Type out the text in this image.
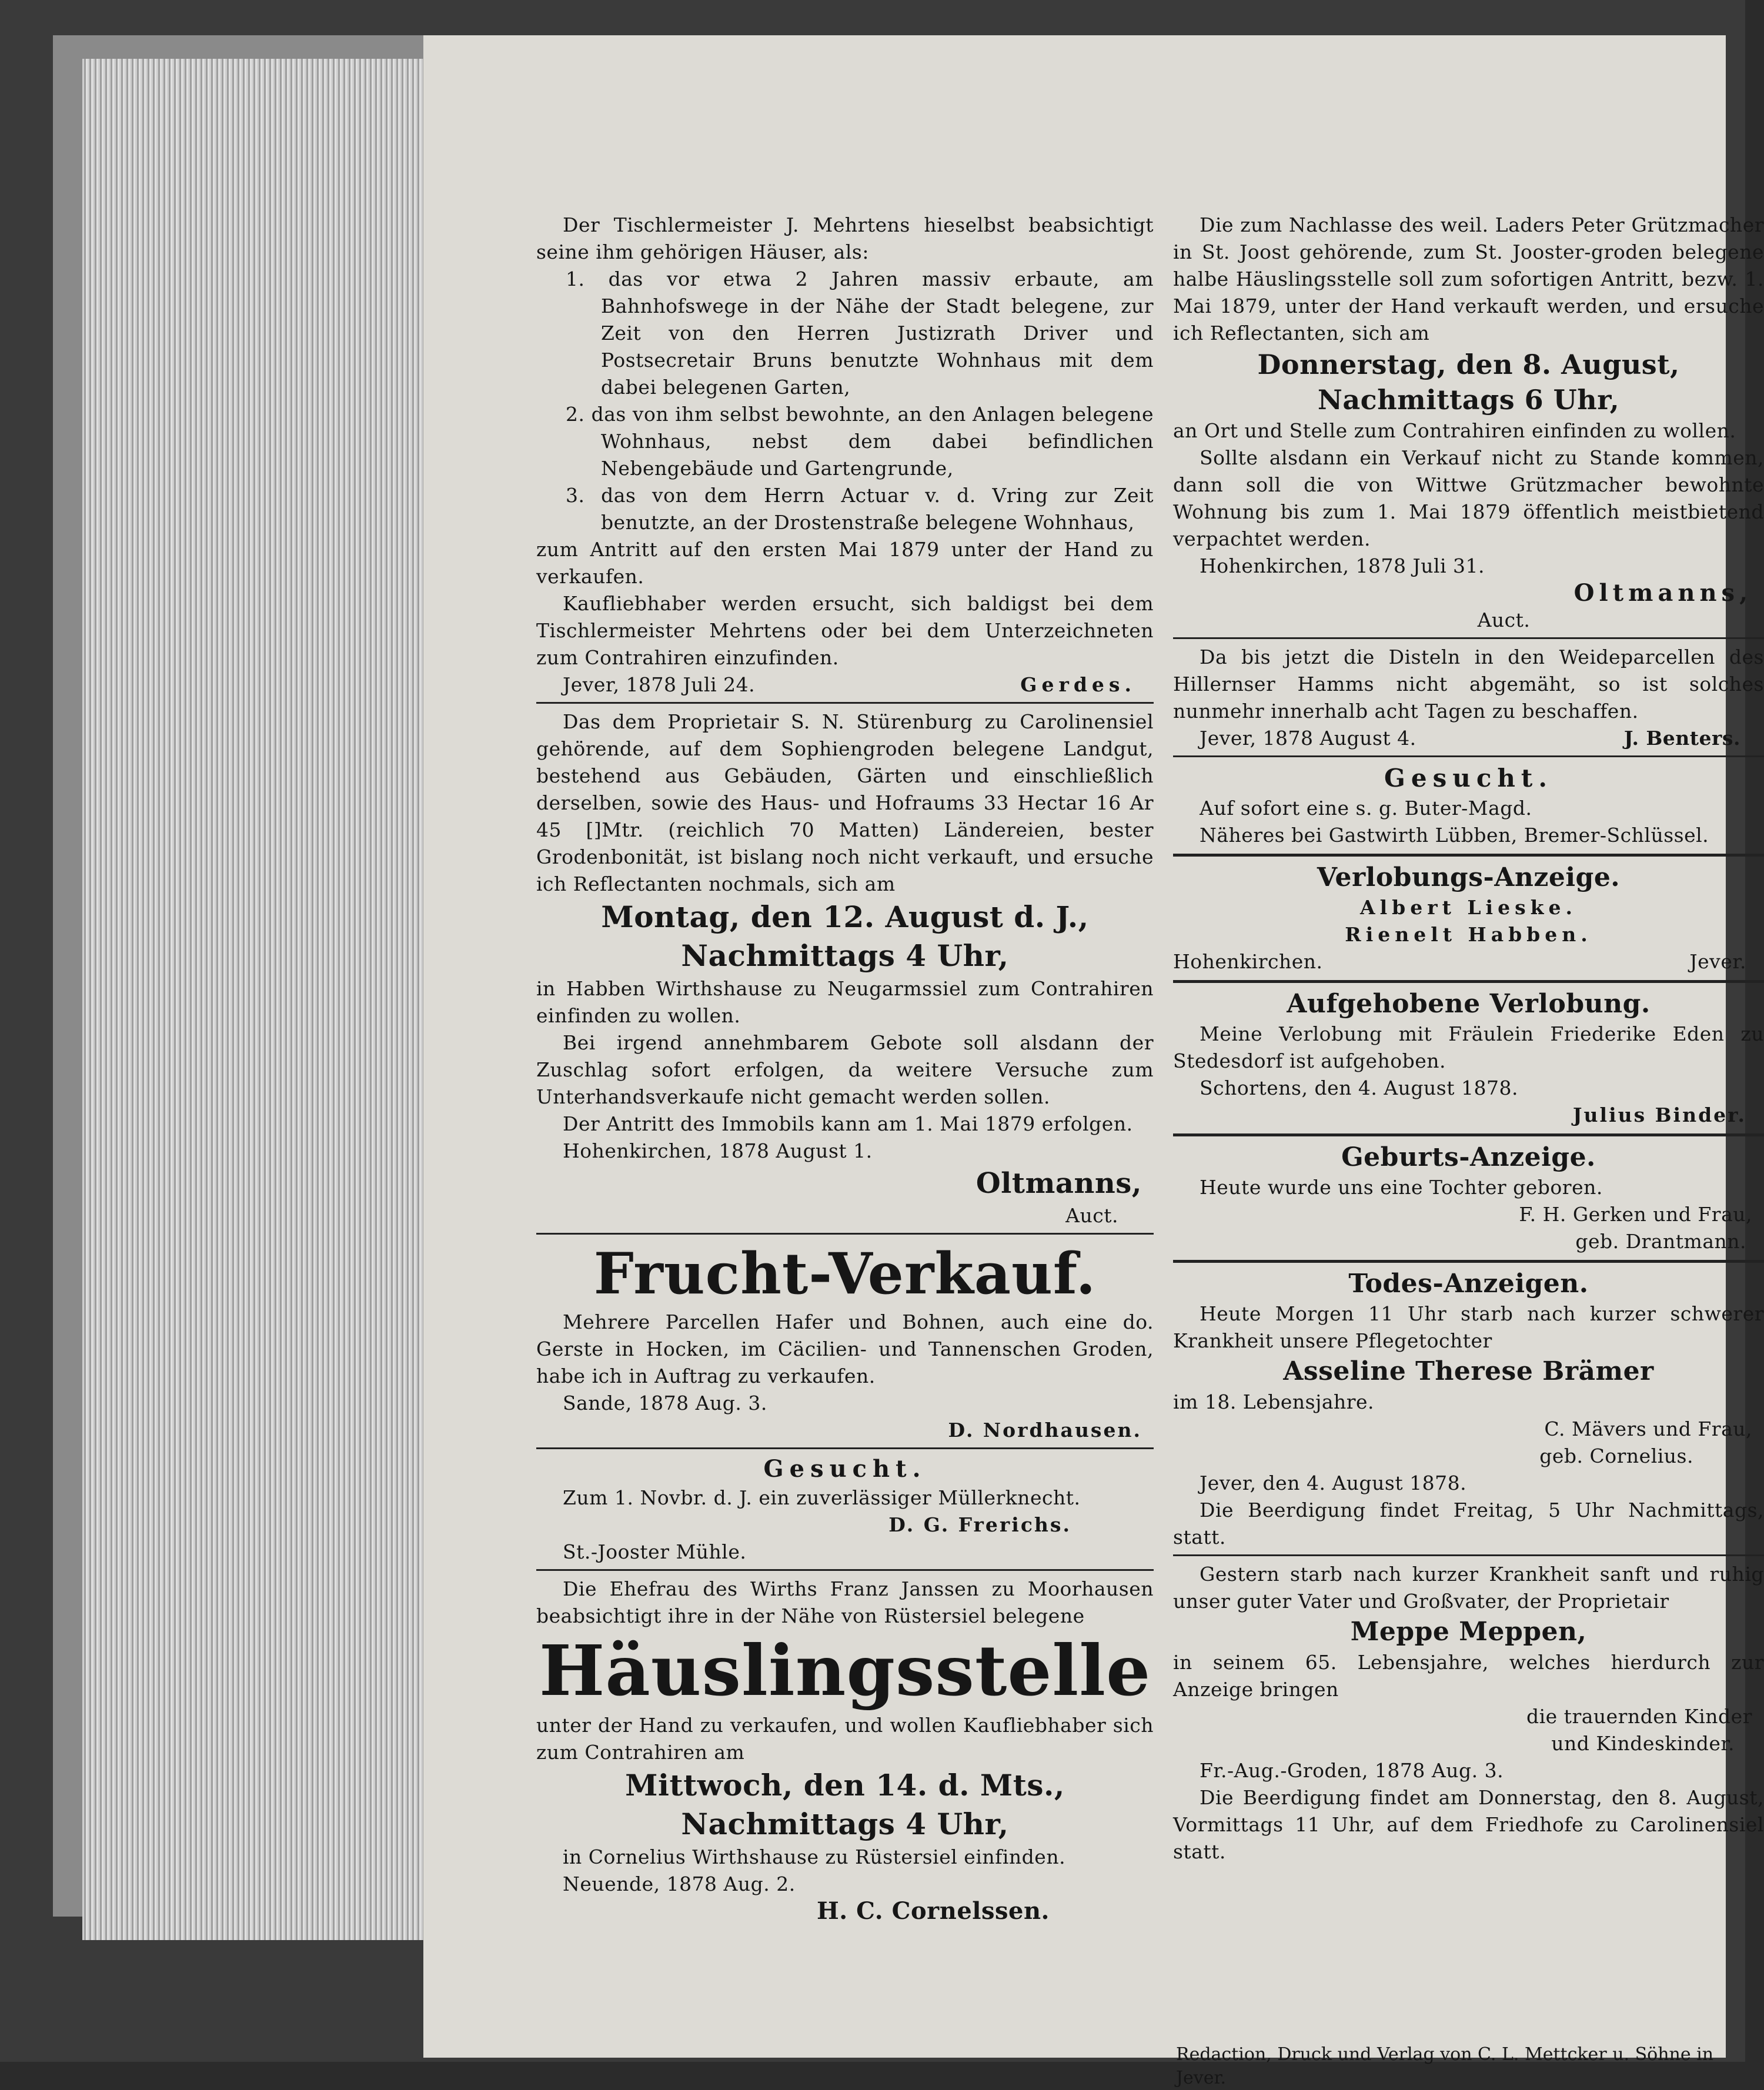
Der Tischlermeister J. Mehrtens hieselbst beabsichtigt seine ihm gehörigen Häuser, als:

1. das vor etwa 2 Jahren massiv erbaute, am Bahnhofswege in der Nähe der Stadt belegene, zur Zeit von den Herren Justizrath Driver und Postsecretair Bruns benutzte Wohnhaus mit dem dabei belegenen Garten,

2. das von ihm selbst bewohnte, an den Anlagen belegene Wohnhaus, nebst dem dabei befindlichen Nebengebäude und Gartengrunde,

3. das von dem Herrn Actuar v. d. Vring zur Zeit benutzte, an der Drostenstraße belegene Wohnhaus,

zum Antritt auf den ersten Mai 1879 unter der Hand zu verkaufen.

Kaufliebhaber werden ersucht, sich baldigst bei dem Tischlermeister Mehrtens oder bei dem Unterzeichneten zum Contrahiren einzufinden.

Jever, 1878 Juli 24.	Gerdes.

Das dem Proprietair S. N. Stürenburg zu Carolinensiel gehörende, auf dem Sophiengroden belegene Landgut, bestehend aus Gebäuden, Gärten und einschließlich derselben, sowie des Haus- und Hofraums 33 Hectar 16 Ar 45 []Mtr. (reichlich 70 Matten) Ländereien, bester Grodenbonität, ist bislang noch nicht verkauft, und ersuche ich Reflectanten nochmals, sich am

Montag, den 12. August d. J.,
Nachmittags 4 Uhr,

in Habben Wirthshause zu Neugarmssiel zum Contrahiren einfinden zu wollen.

Bei irgend annehmbarem Gebote soll alsdann der Zuschlag sofort erfolgen, da weitere Versuche zum Unterhandsverkaufe nicht gemacht werden sollen.

Der Antritt des Immobils kann am 1. Mai 1879 erfolgen.

Hohenkirchen, 1878 August 1.

Oltmanns,
Auct.
Frucht-Verkauf.

Mehrere Parcellen Hafer und Bohnen, auch eine do. Gerste in Hocken, im Cäcilien- und Tannenschen Groden, habe ich in Auftrag zu verkaufen.

Sande, 1878 Aug. 3.

D. Nordhausen.
Gesucht.

Zum 1. Novbr. d. J. ein zuverlässiger Müllerknecht.

D. G. Frerichs.

St.-Jooster Mühle.

Die Ehefrau des Wirths Franz Janssen zu Moorhausen beabsichtigt ihre in der Nähe von Rüstersiel belegene

Häuslingsstelle

unter der Hand zu verkaufen, und wollen Kaufliebhaber sich zum Contrahiren am

Mittwoch, den 14. d. Mts.,
Nachmittags 4 Uhr,

in Cornelius Wirthshause zu Rüstersiel einfinden.

Neuende, 1878 Aug. 2.

H. C. Cornelssen.

Die zum Nachlasse des weil. Laders Peter Grützmacher in St. Joost gehörende, zum St. Jooster-groden belegene halbe Häuslingsstelle soll zum sofortigen Antritt, bezw. 1. Mai 1879, unter der Hand verkauft werden, und ersuche ich Reflectanten, sich am

Donnerstag, den 8. August,
Nachmittags 6 Uhr,

an Ort und Stelle zum Contrahiren einfinden zu wollen.

Sollte alsdann ein Verkauf nicht zu Stande kommen, dann soll die von Wittwe Grützmacher bewohnte Wohnung bis zum 1. Mai 1879 öffentlich meistbietend verpachtet werden.

Hohenkirchen, 1878 Juli 31.

Oltmanns,
Auct.

Da bis jetzt die Disteln in den Weideparcellen des Hillernser Hamms nicht abgemäht, so ist solches nunmehr innerhalb acht Tagen zu beschaffen.

Jever, 1878 August 4.	J. Benters.
Gesucht.

Auf sofort eine s. g. Buter-Magd.

Näheres bei Gastwirth Lübben, Bremer-Schlüssel.

Verlobungs-Anzeige.
Albert Lieske.
Rienelt Habben.
Hohenkirchen.	Jever.
Aufgehobene Verlobung.

Meine Verlobung mit Fräulein Friederike Eden zu Stedesdorf ist aufgehoben.

Schortens, den 4. August 1878.

Julius Binder.
Geburts-Anzeige.

Heute wurde uns eine Tochter geboren.

F. H. Gerken und Frau,
geb. Drantmann.
Todes-Anzeigen.

Heute Morgen 11 Uhr starb nach kurzer schwerer Krankheit unsere Pflegetochter

Asseline Therese Brämer

im 18. Lebensjahre.

C. Mävers und Frau,
geb. Cornelius.

Jever, den 4. August 1878.

Die Beerdigung findet Freitag, 5 Uhr Nachmittags, statt.

Gestern starb nach kurzer Krankheit sanft und ruhig unser guter Vater und Großvater, der Proprietair

Meppe Meppen,

in seinem 65. Lebensjahre, welches hierdurch zur Anzeige bringen

die trauernden Kinder
und Kindeskinder.

Fr.-Aug.-Groden, 1878 Aug. 3.

Die Beerdigung findet am Donnerstag, den 8. August, Vormittags 11 Uhr, auf dem Friedhofe zu Carolinensiel statt.

Redaction, Druck und Verlag von C. L. Mettcker u. Söhne in Jever.
